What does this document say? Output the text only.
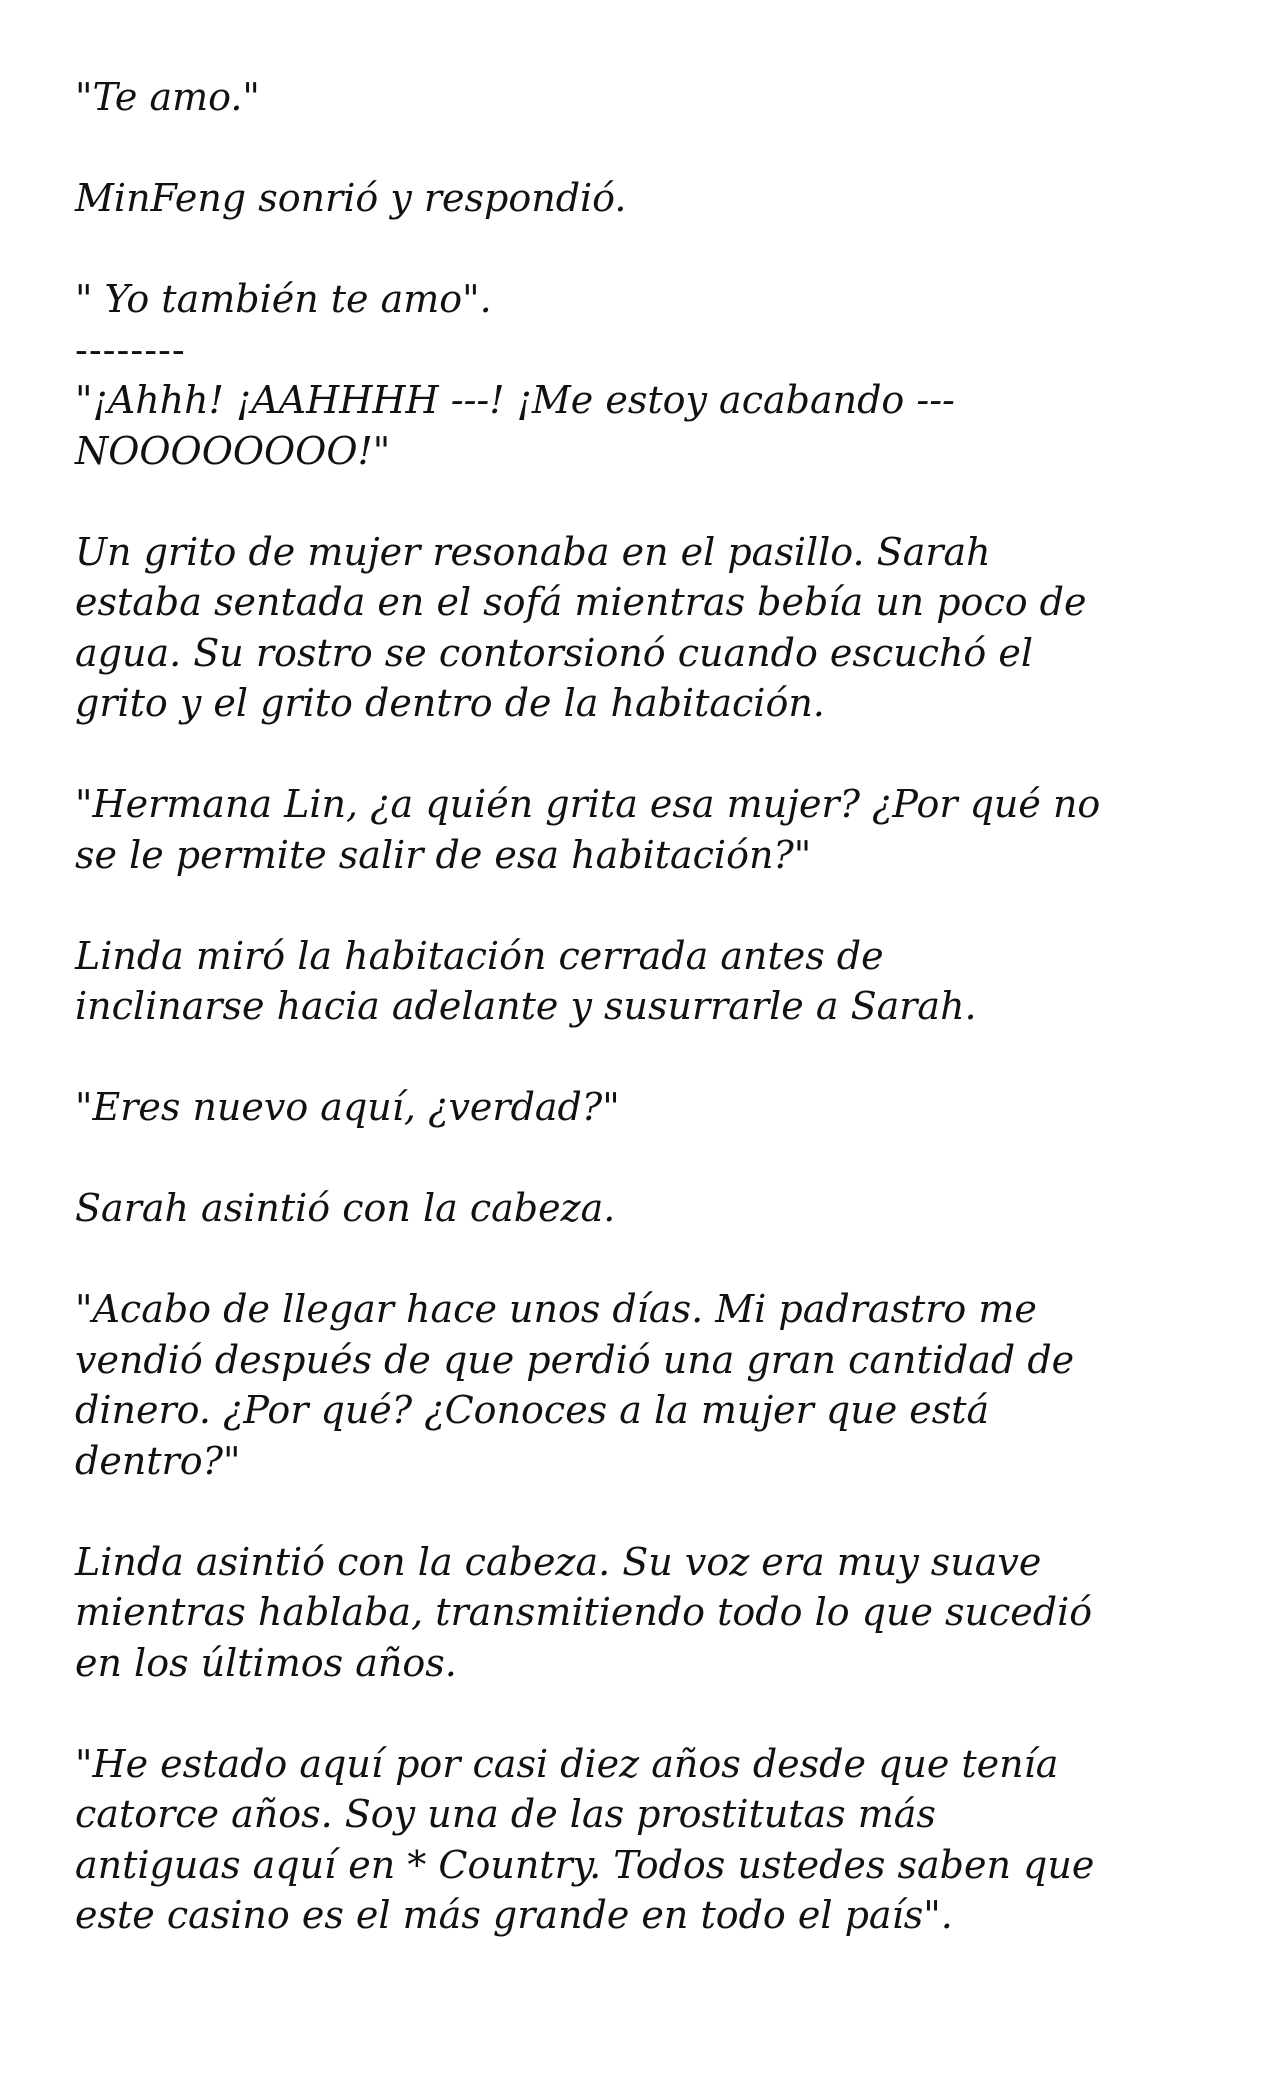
"Te amo."

MinFeng sonrió y respondió.

" Yo también te amo".

--------

"¡Ahhh! ¡AAHHHH ---! ¡Me estoy acabando ---
NOOOOOOOO!"

Un grito de mujer resonaba en el pasillo. Sarah
estaba sentada en el sofá mientras bebía un poco de
agua. Su rostro se contorsionó cuando escuchó el
grito y el grito dentro de la habitación.

"Hermana Lin, ¿a quién grita esa mujer? ¿Por qué no
se le permite salir de esa habitación?"

Linda miró la habitación cerrada antes de
inclinarse hacia adelante y susurrarle a Sarah.

"Eres nuevo aquí, ¿verdad?"

Sarah asintió con la cabeza.

"Acabo de llegar hace unos días. Mi padrastro me
vendió después de que perdió una gran cantidad de
dinero. ¿Por qué? ¿Conoces a la mujer que está
dentro?"

Linda asintió con la cabeza. Su voz era muy suave
mientras hablaba, transmitiendo todo lo que sucedió
en los últimos años.

"He estado aquí por casi diez años desde que tenía
catorce años. Soy una de las prostitutas más
antiguas aquí en * Country. Todos ustedes saben que
este casino es el más grande en todo el país".
